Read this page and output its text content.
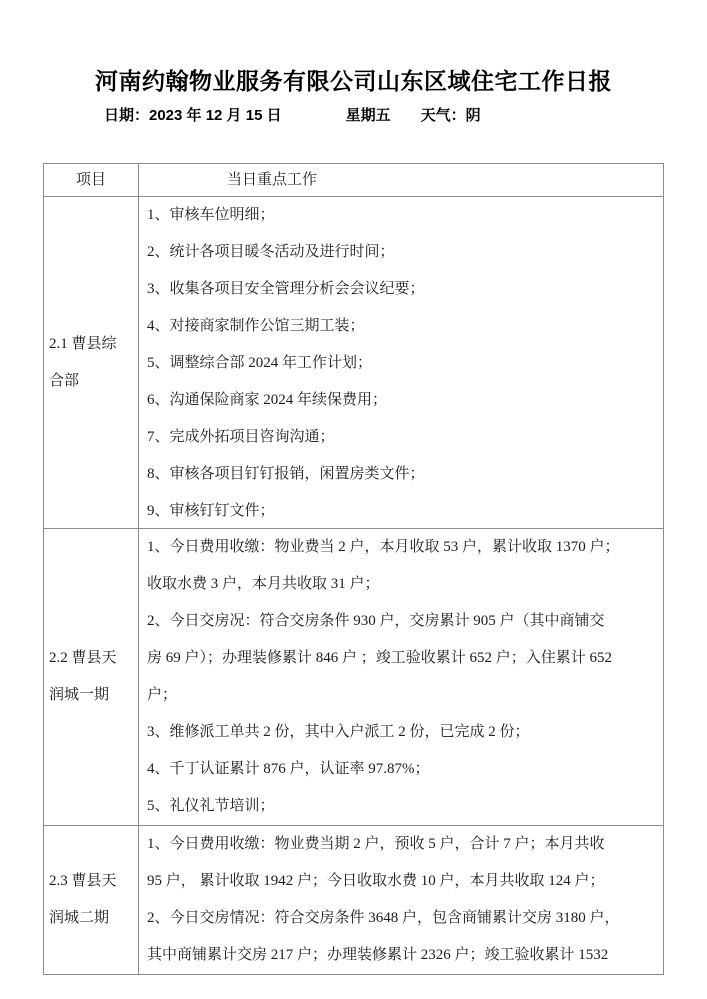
河南约翰物业服务有限公司山东区域住宅工作日报
日期：2023 年 12 月 15 日	星期五 天气：阴
项目	当日重点工作
2.1 曹县综
合部
1、审核车位明细；
2、统计各项目暖冬活动及进行时间；
3、收集各项目安全管理分析会会议纪要；
4、对接商家制作公馆三期工装；
5、调整综合部 2024 年工作计划；
6、沟通保险商家 2024 年续保费用；
7、完成外拓项目咨询沟通；
8、审核各项目钉钉报销，闲置房类文件；
9、审核钉钉文件；
2.2 曹县天
润城一期
1、今日费用收缴：物业费当 2 户，本月收取 53 户，累计收取 1370 户；
收取水费 3 户，本月共收取 31 户；
2、今日交房况：符合交房条件 930 户，交房累计 905 户（其中商铺交
房 69 户）；办理装修累计 846 户 ；竣工验收累计 652 户；入住累计 652
户；
3、维修派工单共 2 份，其中入户派工 2 份，已完成 2 份；
4、千丁认证累计 876 户，认证率 97.87%；
5、礼仪礼节培训；
2.3 曹县天
润城二期
1、今日费用收缴：物业费当期 2 户，预收 5 户，合计 7 户；本月共收
95 户， 累计收取 1942 户；今日收取水费 10 户，本月共收取 124 户；
2、今日交房情况：符合交房条件 3648 户，包含商铺累计交房 3180 户，
其中商铺累计交房 217 户；办理装修累计 2326 户；竣工验收累计 1532
